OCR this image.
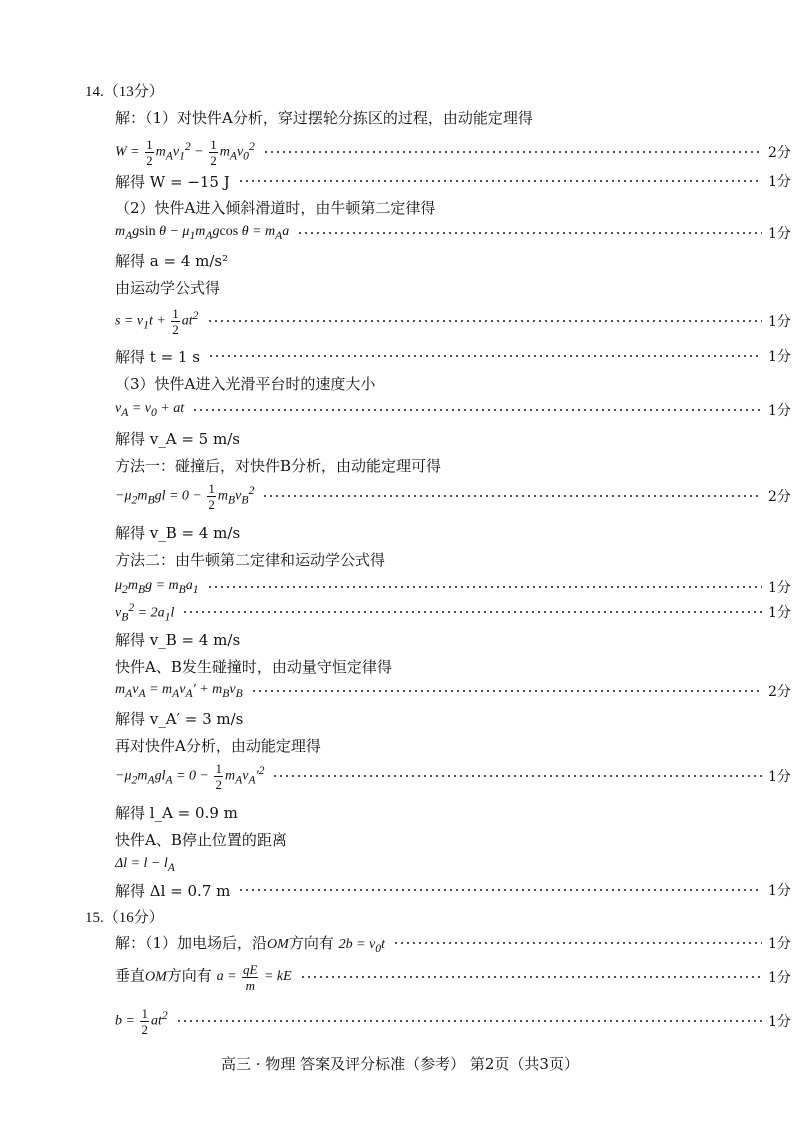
14.（13分）
解：（1）对快件A分析，穿过摆轮分拣区的过程，由动能定理得
$W = \frac{1}{2} m_Av_1^2 - \frac{1}{2} m_Av_0^2$	2分
解得 W = −15 J	1分
（2）快件A进入倾斜滑道时，由牛顿第二定律得
$m_Agsin$ $\theta - \mu_1m_Agcos$ $\theta = m_Aa$	1分
解得 a = 4 m/s²
由运动学公式得
$s = v_1t + \frac{1}{2} at^2$	1分
解得 t = 1 s	1分
（3）快件A进入光滑平台时的速度大小
$v_A = v_0$ + at	1分
解得 v_A = 5 m/s
方法一：碰撞后，对快件B分析，由动能定理可得
$-\mu_2m_Bgl = 0 - \frac{1}{2} m_Bv_B^2$	2分
解得 v_B = 4 m/s
方法二：由牛顿第二定律和运动学公式得
$\mu_2m_Bg = m_Ba_1$	1分
$v_B^2 = 2a_1l$	1分
解得 v_B = 4 m/s
快件A、B发生碰撞时，由动量守恒定律得
$m_Av_A = m_Av_A' + m_Bv_B$	2分
解得 v_A′ = 3 m/s
再对快件A分析，由动能定理得
$-\mu_2m_Agl_A = 0 - \frac{1}{2} m_Av_A'^2$	1分
解得 l_A = 0.9 m
快件A、B停止位置的距离
$\Delta l = l - l_A$
解得 Δl = 0.7 m	1分
15.（16分）
解：（1）加电场后，沿OM方向有 $2b = v_0t$	1分
垂直OM方向有 $a = \frac{qE}{m}$ = kE	1分
$b = \frac{1}{2} at^2$	1分
高三 · 物理 答案及评分标准（参考） 第2页（共3页）
